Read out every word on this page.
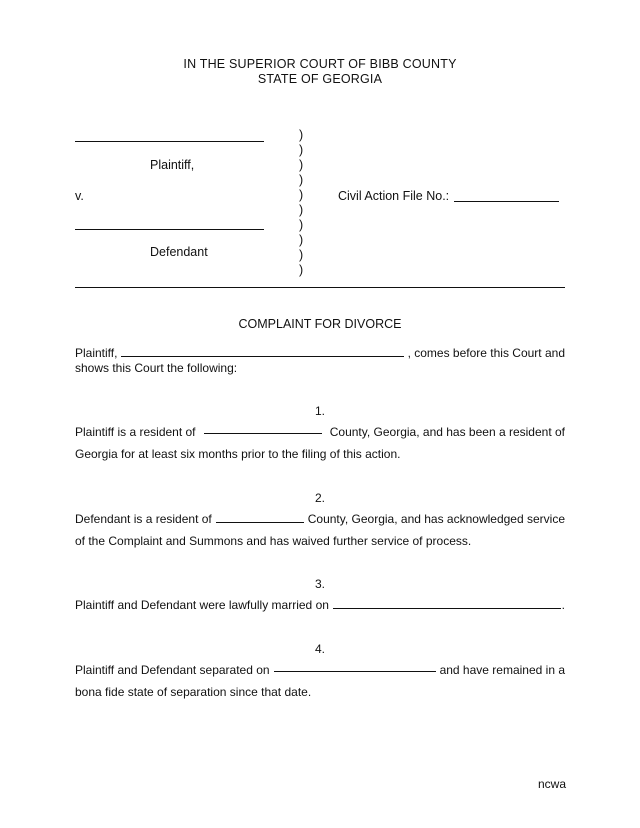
IN THE SUPERIOR COURT OF BIBB COUNTY
STATE OF GEORGIA
Plaintiff,
v.
Defendant
)
)
)
)
)
)
)
)
)
)
Civil Action File No.:
COMPLAINT FOR DIVORCE
Plaintiff,	, comes before this Court and
shows this Court the following:
1.
Plaintiff is a resident of	County, Georgia, and has been a resident of
Georgia for at least six months prior to the filing of this action.
2.
Defendant is a resident of	County, Georgia, and has acknowledged service
of the Complaint and Summons and has waived further service of process.
3.
Plaintiff and Defendant were lawfully married on	.
4.
Plaintiff and Defendant separated on	and have remained in a
bona fide state of separation since that date.
ncwa
